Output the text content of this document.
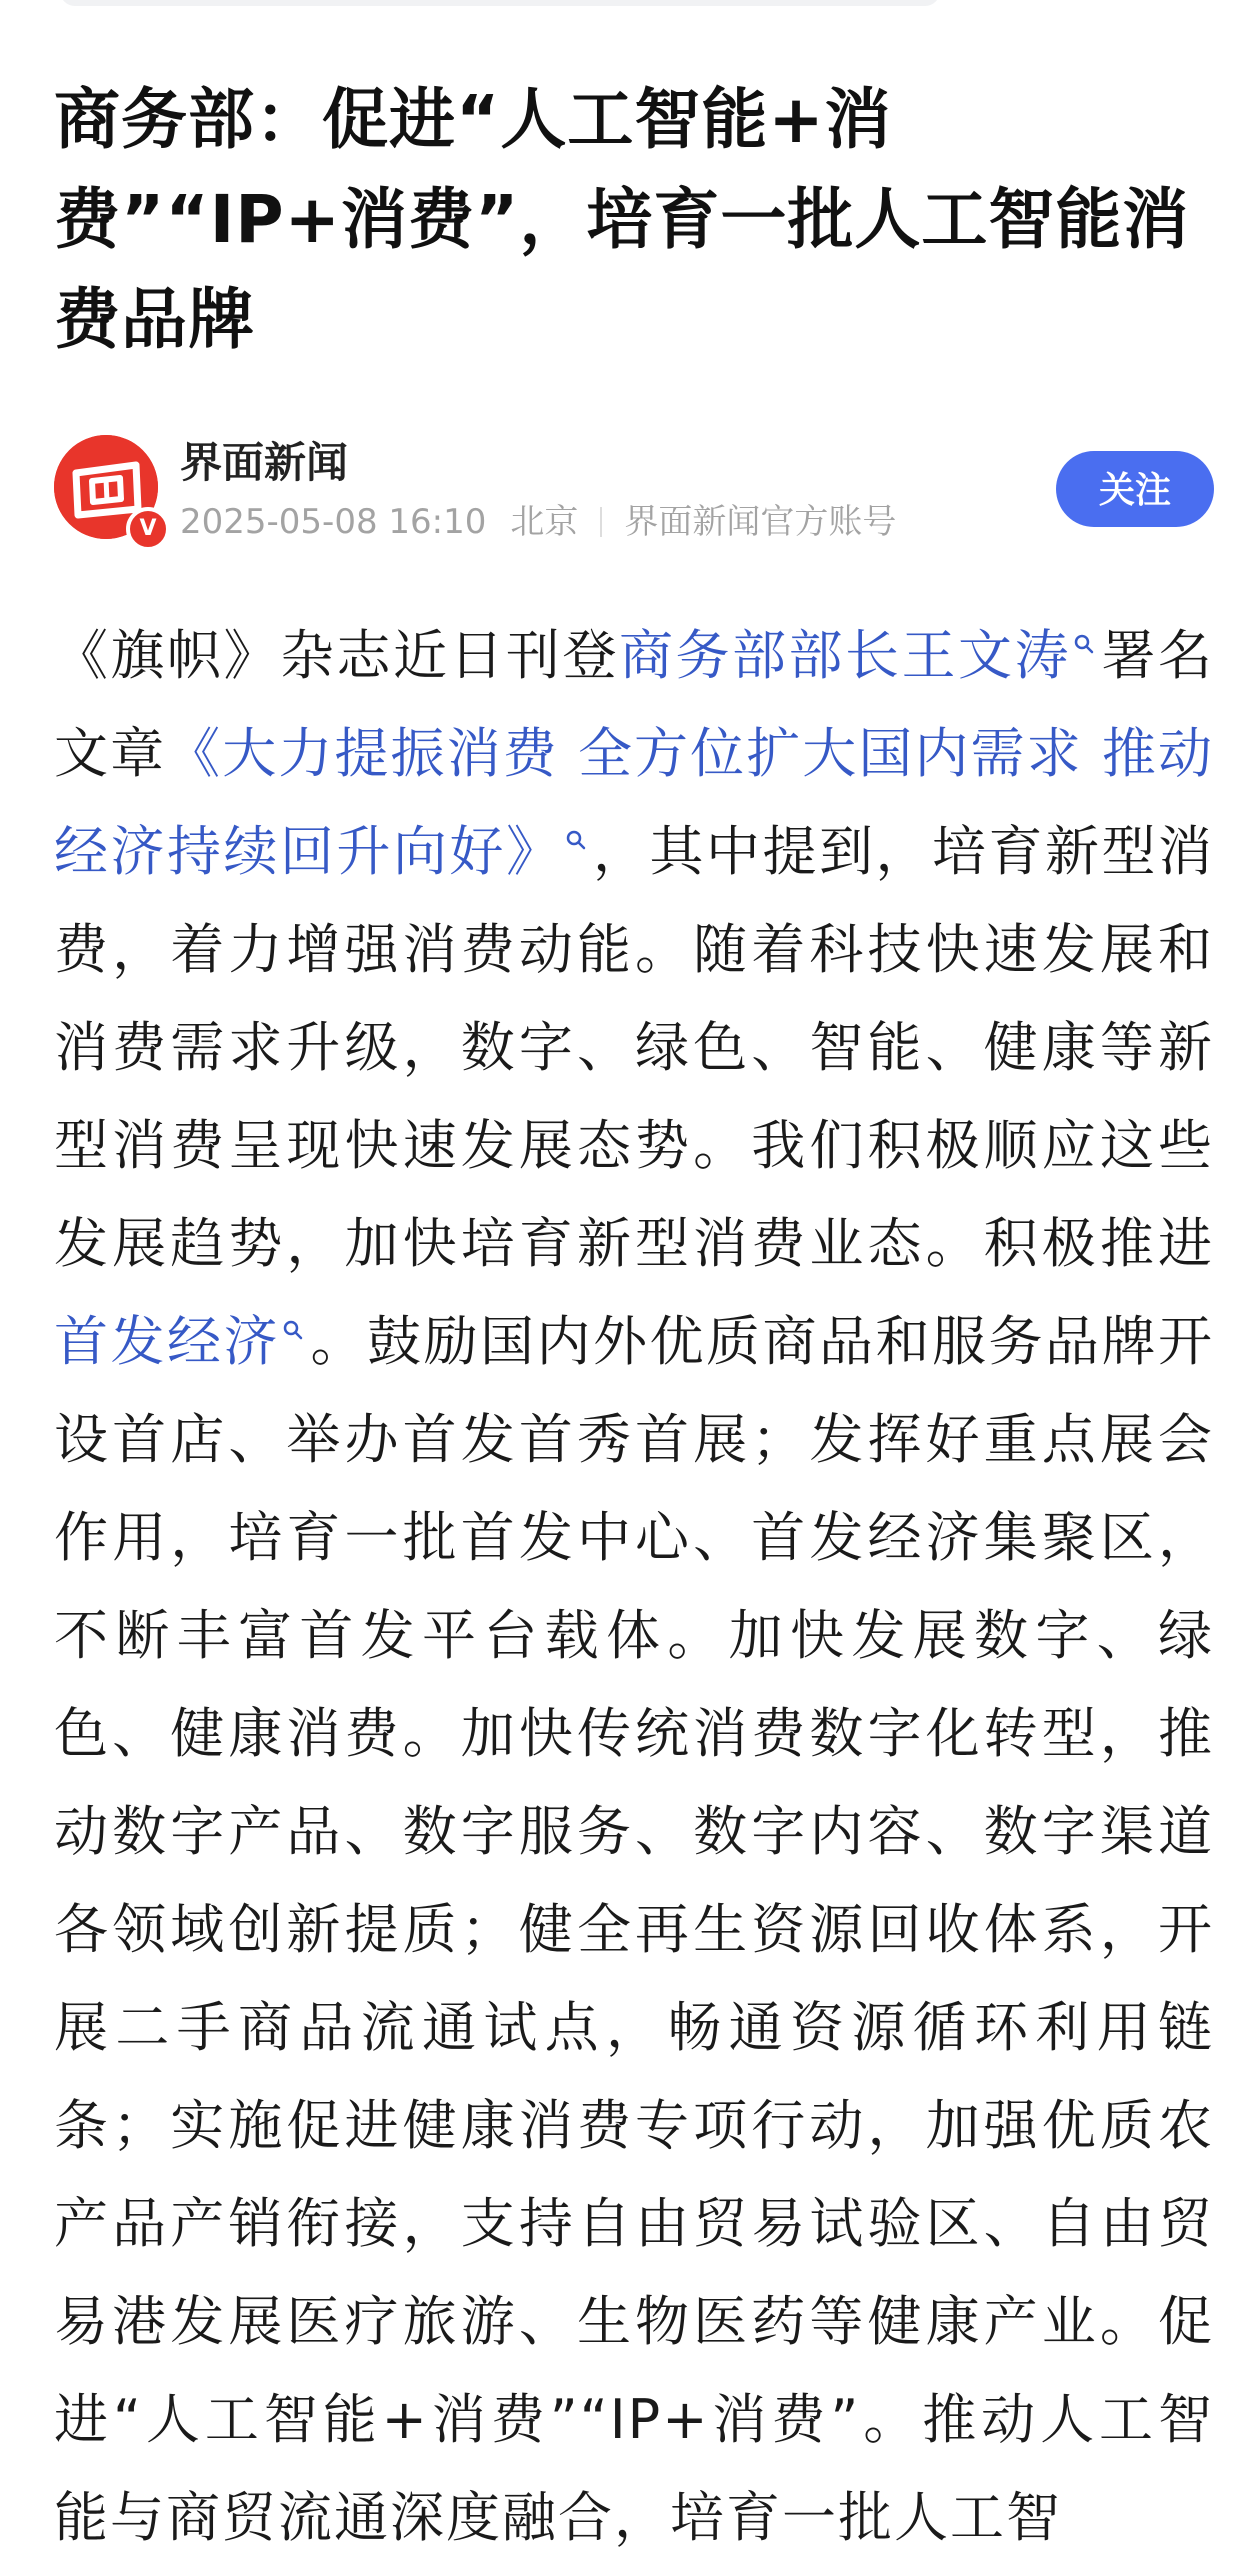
商务部：促进“人工智能+消费”“IP+消费”，培育一批人工智能消费品牌
V
界面新闻
2025-05-08 16:10 北京 界面新闻官方账号
关注
《旗帜》杂志近日刊登商务部部长王文涛 署名文章《大力提振消费 全方位扩大国内需求 推动经济持续回升向好》 ，其中提到，培育新型消费，着力增强消费动能。随着科技快速发展和消费需求升级，数字、绿色、智能、健康等新型消费呈现快速发展态势。我们积极顺应这些发展趋势，加快培育新型消费业态。积极推进首发经济 。鼓励国内外优质商品和服务品牌开设首店、举办首发首秀首展；发挥好重点展会作用，培育一批首发中心、首发经济集聚区，不断丰富首发平台载体。加快发展数字、绿色、健康消费。加快传统消费数字化转型，推动数字产品、数字服务、数字内容、数字渠道各领域创新提质；健全再生资源回收体系，开展二手商品流通试点，畅通资源循环利用链条；实施促进健康消费专项行动，加强优质农产品产销衔接，支持自由贸易试验区、自由贸易港发展医疗旅游、生物医药等健康产业。促进“人工智能+消费”“IP+消费”。推动人工智能与商贸流通深度融合，培育一批人工智
